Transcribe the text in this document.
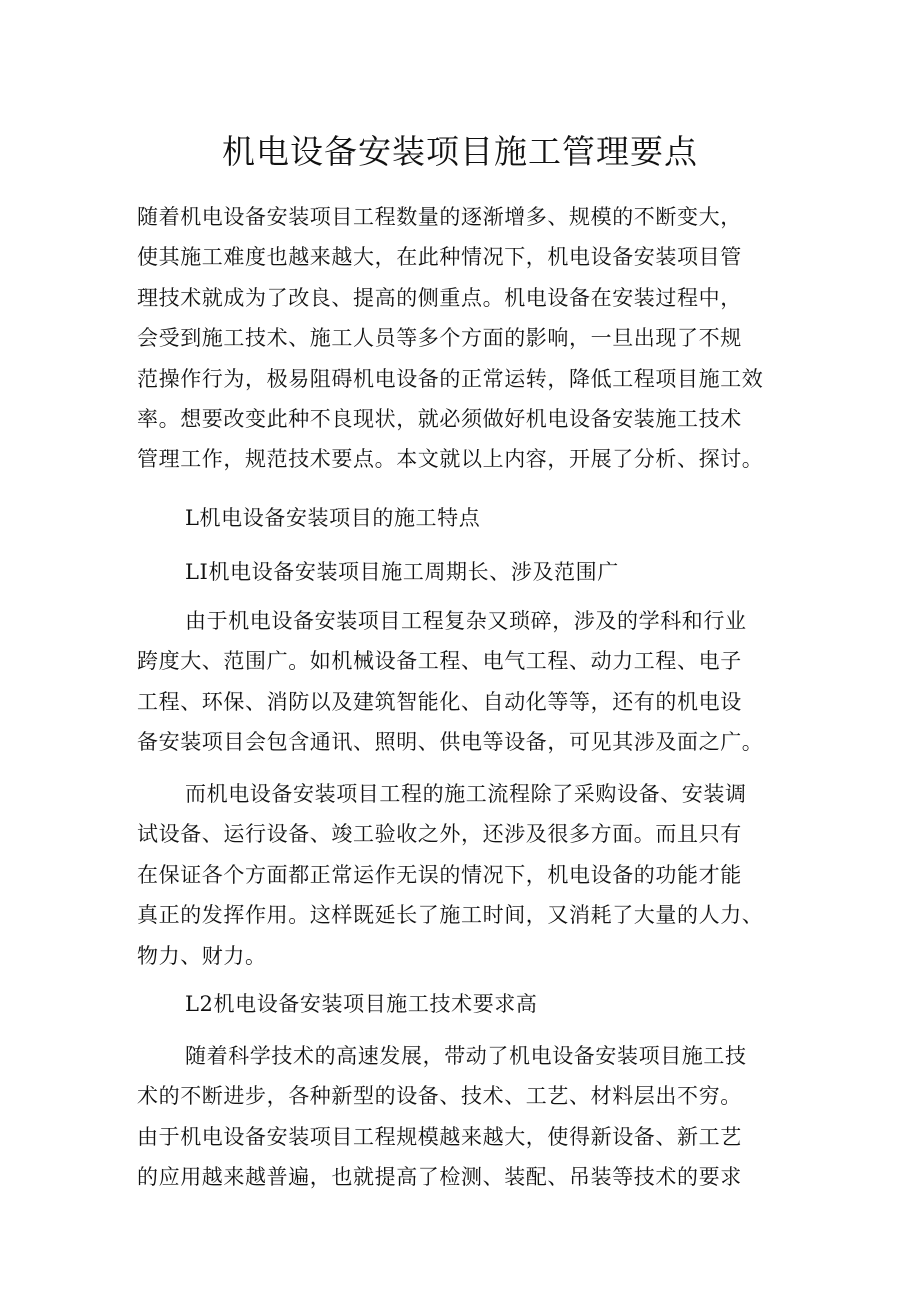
机电设备安装项目施工管理要点
随着机电设备安装项目工程数量的逐渐增多、规模的不断变大，
使其施工难度也越来越大，在此种情况下，机电设备安装项目管
理技术就成为了改良、提高的侧重点。机电设备在安装过程中，
会受到施工技术、施工人员等多个方面的影响，一旦出现了不规
范操作行为，极易阻碍机电设备的正常运转，降低工程项目施工效
率。想要改变此种不良现状，就必须做好机电设备安装施工技术
管理工作，规范技术要点。本文就以上内容，开展了分析、探讨。
L机电设备安装项目的施工特点
LI机电设备安装项目施工周期长、涉及范围广
由于机电设备安装项目工程复杂又琐碎，涉及的学科和行业
跨度大、范围广。如机械设备工程、电气工程、动力工程、电子
工程、环保、消防以及建筑智能化、自动化等等，还有的机电设
备安装项目会包含通讯、照明、供电等设备，可见其涉及面之广。
而机电设备安装项目工程的施工流程除了采购设备、安装调
试设备、运行设备、竣工验收之外，还涉及很多方面。而且只有
在保证各个方面都正常运作无误的情况下，机电设备的功能才能
真正的发挥作用。这样既延长了施工时间，又消耗了大量的人力、
物力、财力。
L2机电设备安装项目施工技术要求高
随着科学技术的高速发展，带动了机电设备安装项目施工技
术的不断进步，各种新型的设备、技术、工艺、材料层出不穷。
由于机电设备安装项目工程规模越来越大，使得新设备、新工艺
的应用越来越普遍，也就提高了检测、装配、吊装等技术的要求
